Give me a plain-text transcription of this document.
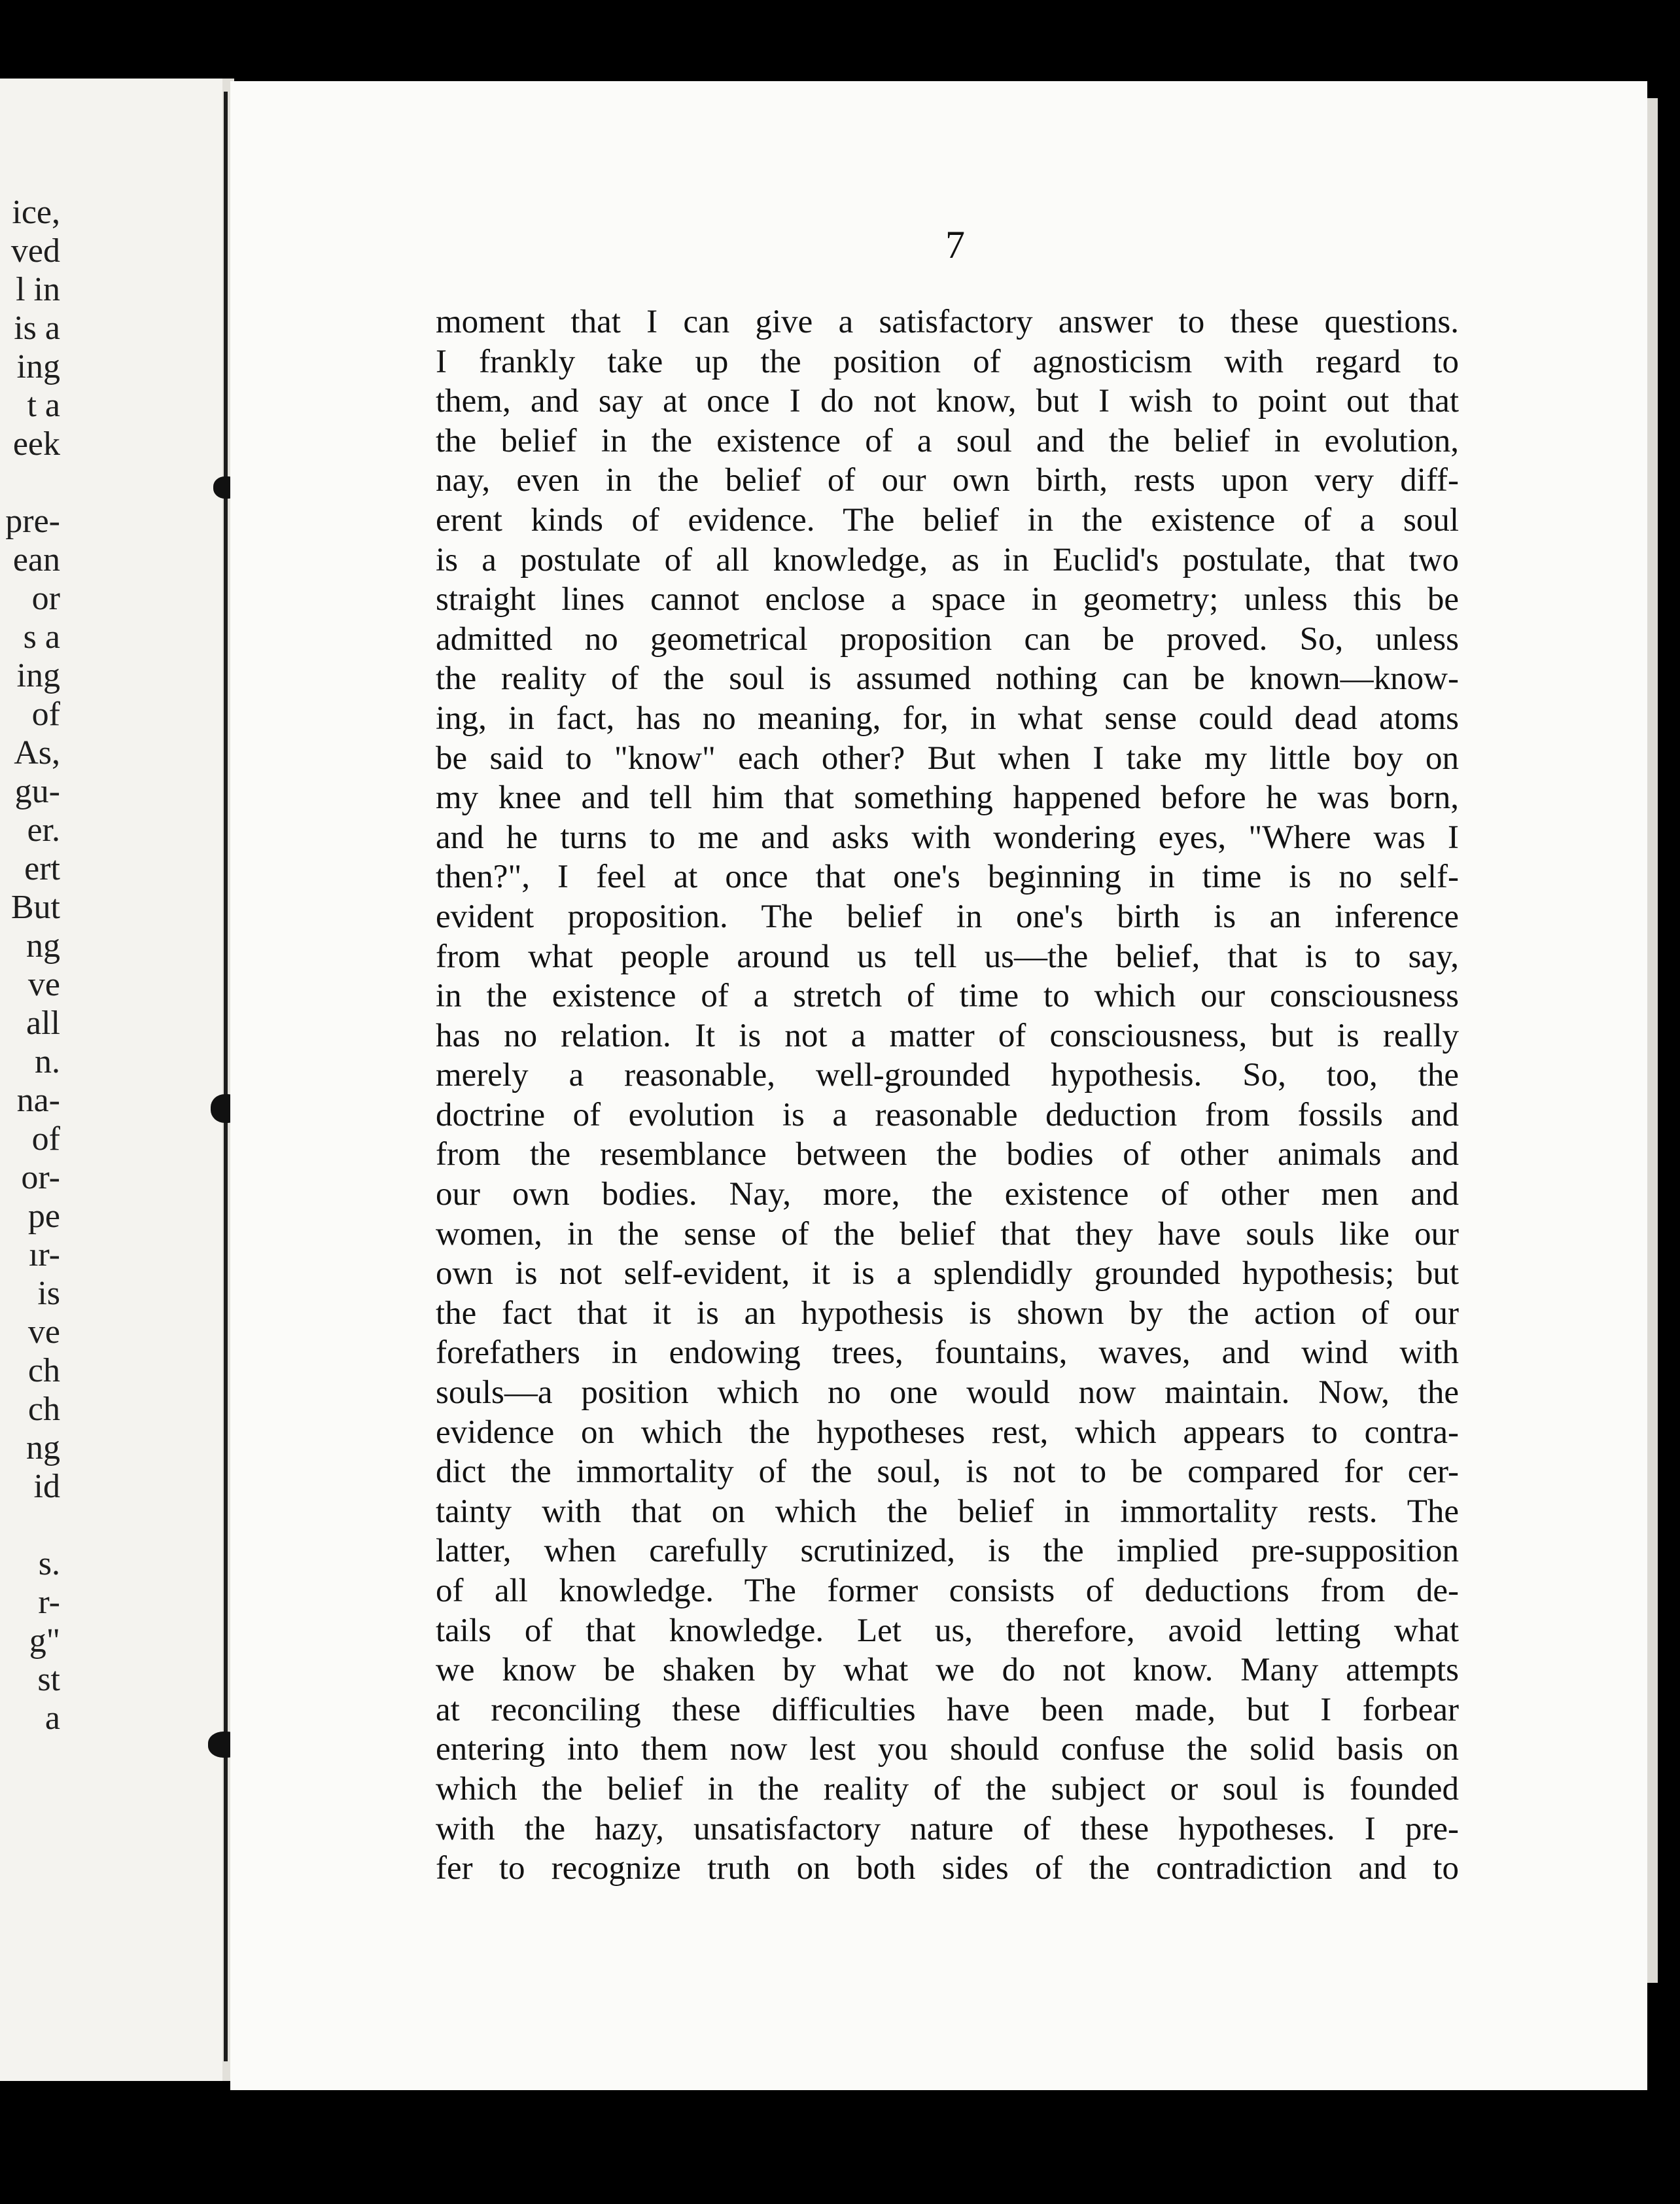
ice,
ved
l in
is a
ing
t a
eek
pre-
ean
or
s a
ing
of
As,
gu-
er.
ert
But
ng
ve
all
n.
na-
of
or-
pe
ır-
is
ve
ch
ch
ng
id
s.
r-
g"
st
a
7
moment that I can give a satisfactory answer to these questions.
I frankly take up the position of agnosticism with regard to
them, and say at once I do not know, but I wish to point out that
the belief in the existence of a soul and the belief in evolution,
nay, even in the belief of our own birth, rests upon very diff-
erent kinds of evidence. The belief in the existence of a soul
is a postulate of all knowledge, as in Euclid's postulate, that two
straight lines cannot enclose a space in geometry; unless this be
admitted no geometrical proposition can be proved. So, unless
the reality of the soul is assumed nothing can be known—know-
ing, in fact, has no meaning, for, in what sense could dead atoms
be said to "know" each other? But when I take my little boy on
my knee and tell him that something happened before he was born,
and he turns to me and asks with wondering eyes, "Where was I
then?", I feel at once that one's beginning in time is no self-
evident proposition. The belief in one's birth is an inference
from what people around us tell us—the belief, that is to say,
in the existence of a stretch of time to which our consciousness
has no relation. It is not a matter of consciousness, but is really
merely a reasonable, well-grounded hypothesis. So, too, the
doctrine of evolution is a reasonable deduction from fossils and
from the resemblance between the bodies of other animals and
our own bodies. Nay, more, the existence of other men and
women, in the sense of the belief that they have souls like our
own is not self-evident, it is a splendidly grounded hypothesis; but
the fact that it is an hypothesis is shown by the action of our
forefathers in endowing trees, fountains, waves, and wind with
souls—a position which no one would now maintain. Now, the
evidence on which the hypotheses rest, which appears to contra-
dict the immortality of the soul, is not to be compared for cer-
tainty with that on which the belief in immortality rests. The
latter, when carefully scrutinized, is the implied pre-supposition
of all knowledge. The former consists of deductions from de-
tails of that knowledge. Let us, therefore, avoid letting what
we know be shaken by what we do not know. Many attempts
at reconciling these difficulties have been made, but I forbear
entering into them now lest you should confuse the solid basis on
which the belief in the reality of the subject or soul is founded
with the hazy, unsatisfactory nature of these hypotheses. I pre-
fer to recognize truth on both sides of the contradiction and to
